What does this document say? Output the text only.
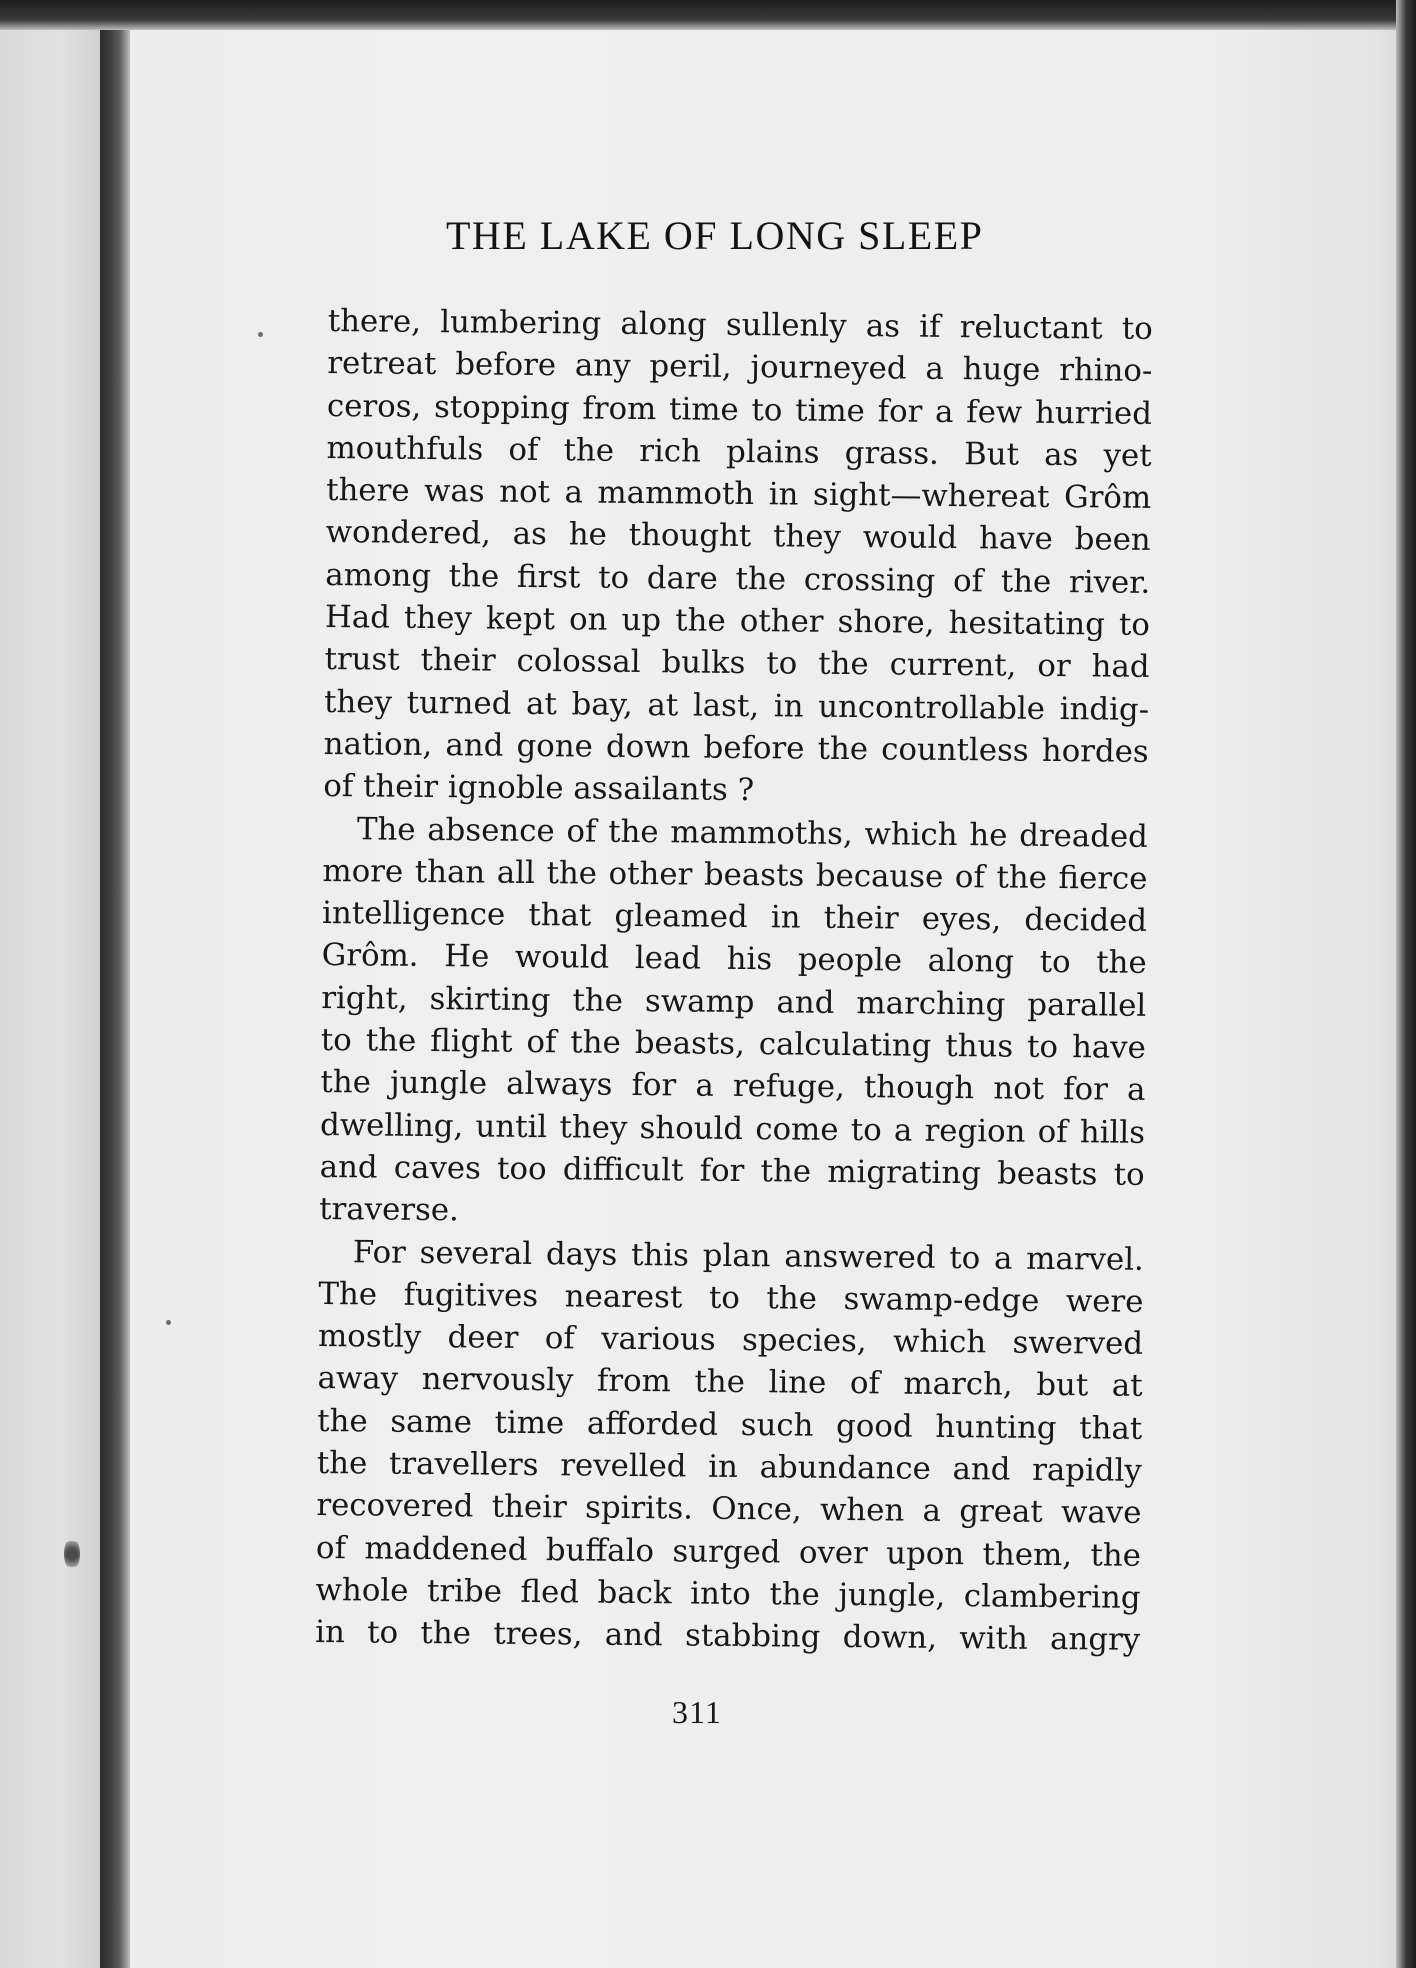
THE LAKE OF LONG SLEEP
there, lumbering along sullenly as if reluctant to
retreat before any peril, journeyed a huge rhino-
ceros, stopping from time to time for a few hurried
mouthfuls of the rich plains grass. But as yet
there was not a mammoth in sight—whereat Grôm
wondered, as he thought they would have been
among the first to dare the crossing of the river.
Had they kept on up the other shore, hesitating to
trust their colossal bulks to the current, or had
they turned at bay, at last, in uncontrollable indig-
nation, and gone down before the countless hordes
of their ignoble assailants ?
The absence of the mammoths, which he dreaded
more than all the other beasts because of the fierce
intelligence that gleamed in their eyes, decided
Grôm. He would lead his people along to the
right, skirting the swamp and marching parallel
to the flight of the beasts, calculating thus to have
the jungle always for a refuge, though not for a
dwelling, until they should come to a region of hills
and caves too difficult for the migrating beasts to
traverse.
For several days this plan answered to a marvel.
The fugitives nearest to the swamp-edge were
mostly deer of various species, which swerved
away nervously from the line of march, but at
the same time afforded such good hunting that
the travellers revelled in abundance and rapidly
recovered their spirits. Once, when a great wave
of maddened buffalo surged over upon them, the
whole tribe fled back into the jungle, clambering
in to the trees, and stabbing down, with angry
311
